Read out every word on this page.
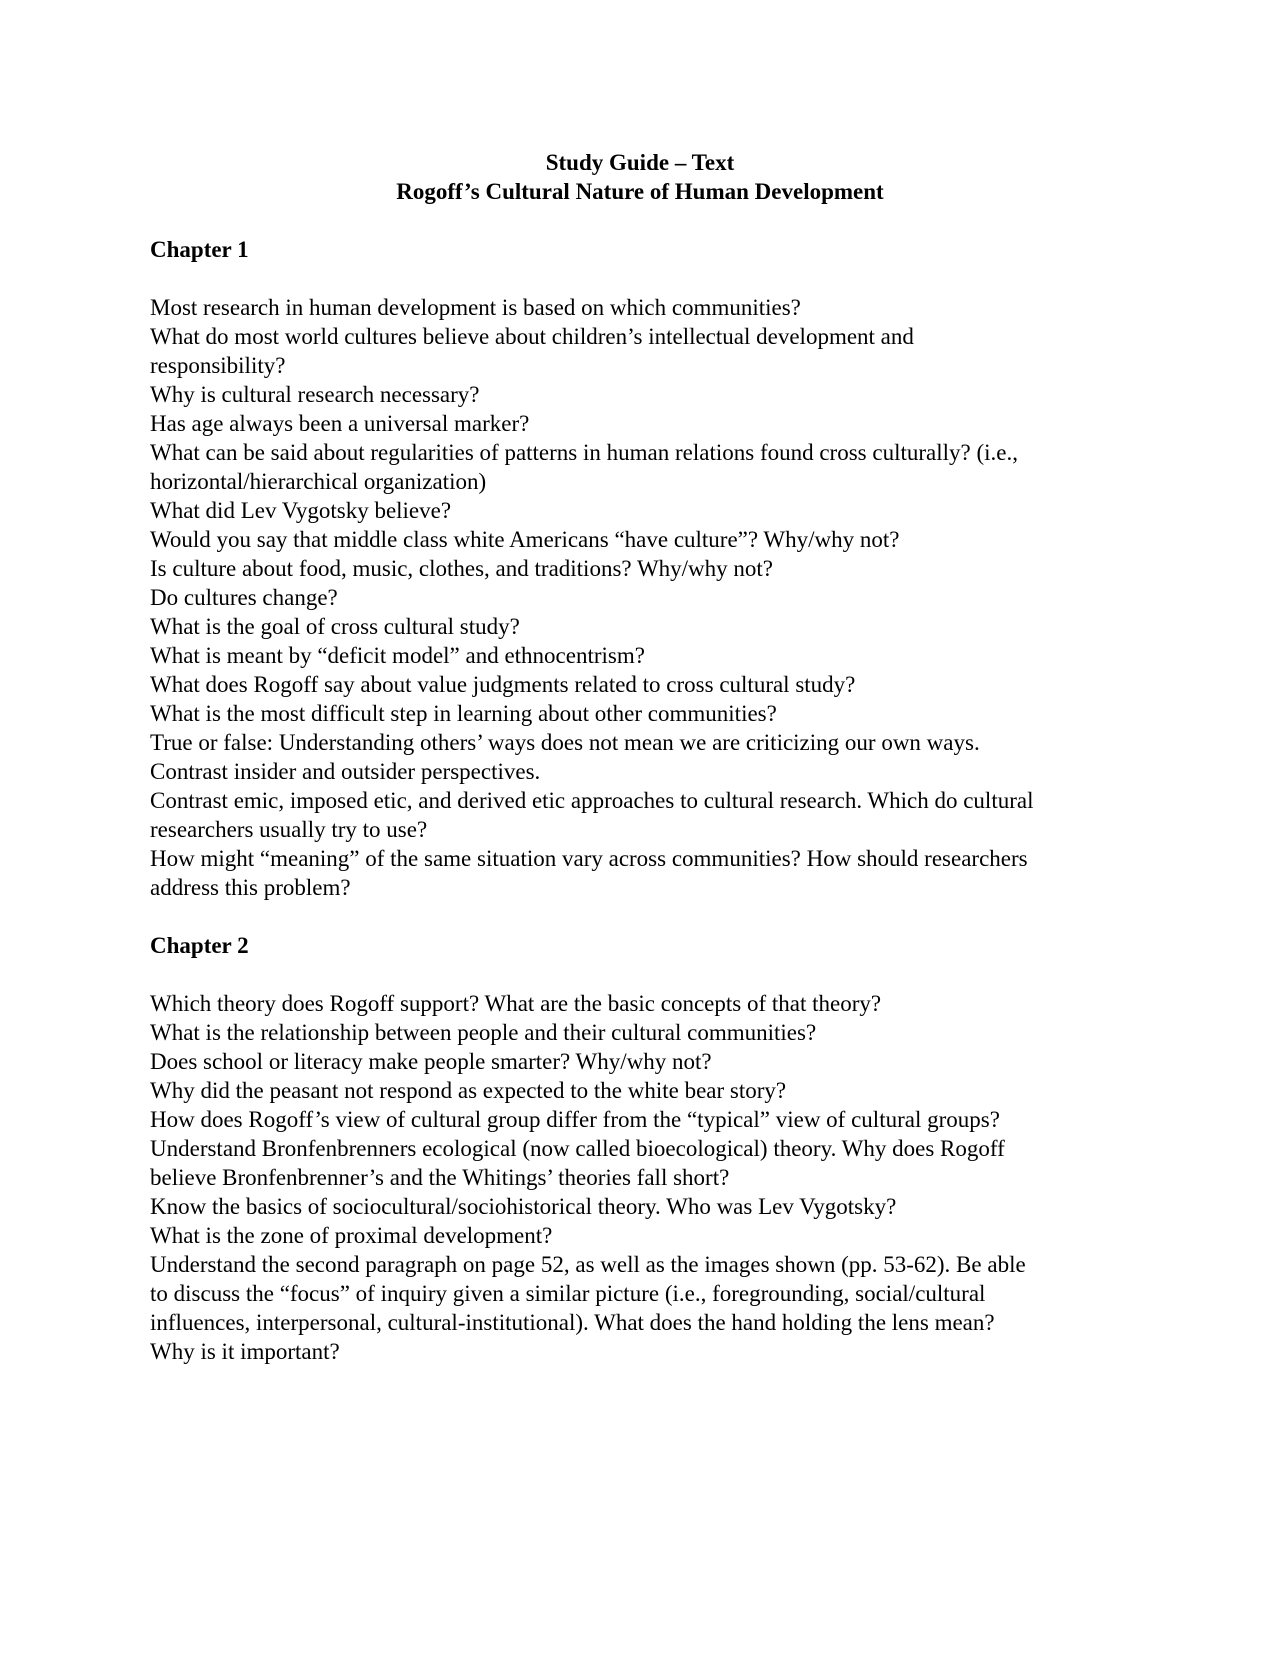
Study Guide – Text
Rogoff’s Cultural Nature of Human Development
Chapter 1
Most research in human development is based on which communities?
What do most world cultures believe about children’s intellectual development and
responsibility?
Why is cultural research necessary?
Has age always been a universal marker?
What can be said about regularities of patterns in human relations found cross culturally? (i.e.,
horizontal/hierarchical organization)
What did Lev Vygotsky believe?
Would you say that middle class white Americans “have culture”? Why/why not?
Is culture about food, music, clothes, and traditions? Why/why not?
Do cultures change?
What is the goal of cross cultural study?
What is meant by “deficit model” and ethnocentrism?
What does Rogoff say about value judgments related to cross cultural study?
What is the most difficult step in learning about other communities?
True or false: Understanding others’ ways does not mean we are criticizing our own ways.
Contrast insider and outsider perspectives.
Contrast emic, imposed etic, and derived etic approaches to cultural research. Which do cultural
researchers usually try to use?
How might “meaning” of the same situation vary across communities? How should researchers
address this problem?
Chapter 2
Which theory does Rogoff support? What are the basic concepts of that theory?
What is the relationship between people and their cultural communities?
Does school or literacy make people smarter? Why/why not?
Why did the peasant not respond as expected to the white bear story?
How does Rogoff’s view of cultural group differ from the “typical” view of cultural groups?
Understand Bronfenbrenners ecological (now called bioecological) theory. Why does Rogoff
believe Bronfenbrenner’s and the Whitings’ theories fall short?
Know the basics of sociocultural/sociohistorical theory. Who was Lev Vygotsky?
What is the zone of proximal development?
Understand the second paragraph on page 52, as well as the images shown (pp. 53-62). Be able
to discuss the “focus” of inquiry given a similar picture (i.e., foregrounding, social/cultural
influences, interpersonal, cultural-institutional). What does the hand holding the lens mean?
Why is it important?
